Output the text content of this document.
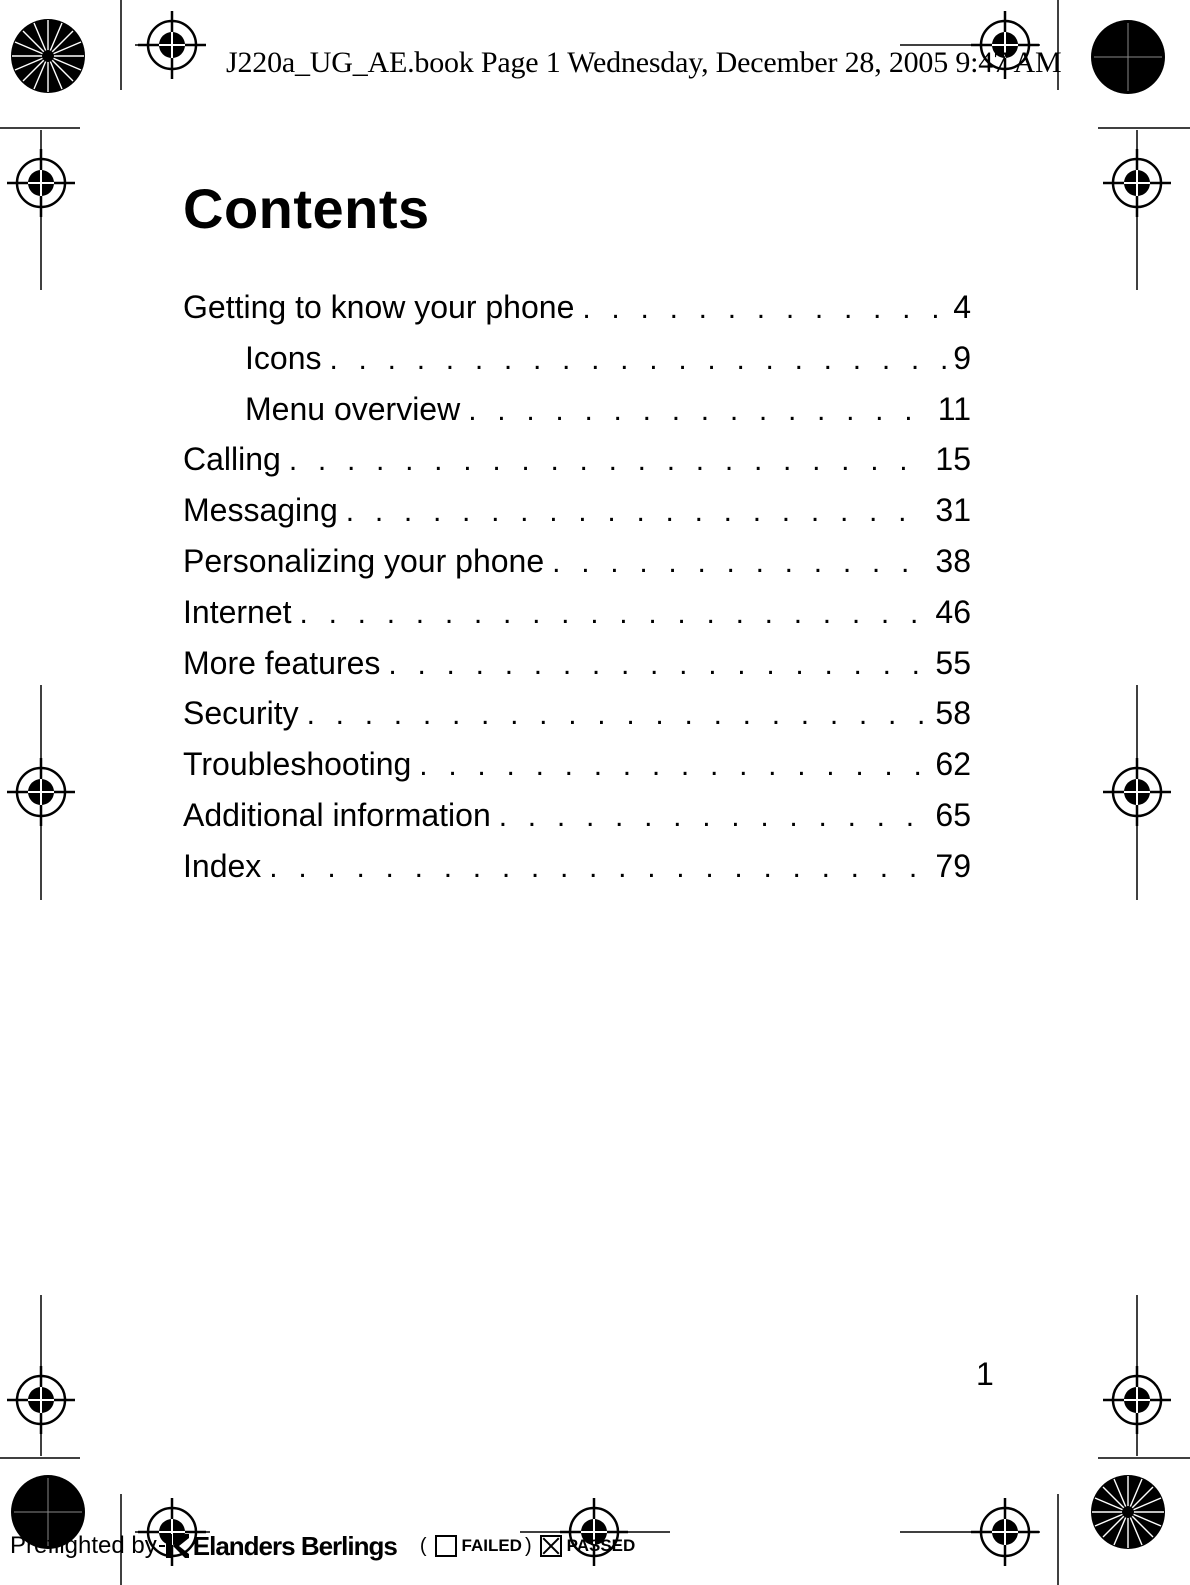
J220a_UG_AE.book Page 1 Wednesday, December 28, 2005 9:47 AM
Contents
Getting to know your phone . . .	4
Icons . . .	9
Menu overview . . .	11
Calling . . .	15
Messaging . . .	31
Personalizing your phone . . .	38
Internet . . .	46
More features . . .	55
Security . . .	58
Troubleshooting . . .	62
Additional information . . .	65
Index . . .	79
1
Preflighted by Elanders Berlings ( FAILED ) PASSED
